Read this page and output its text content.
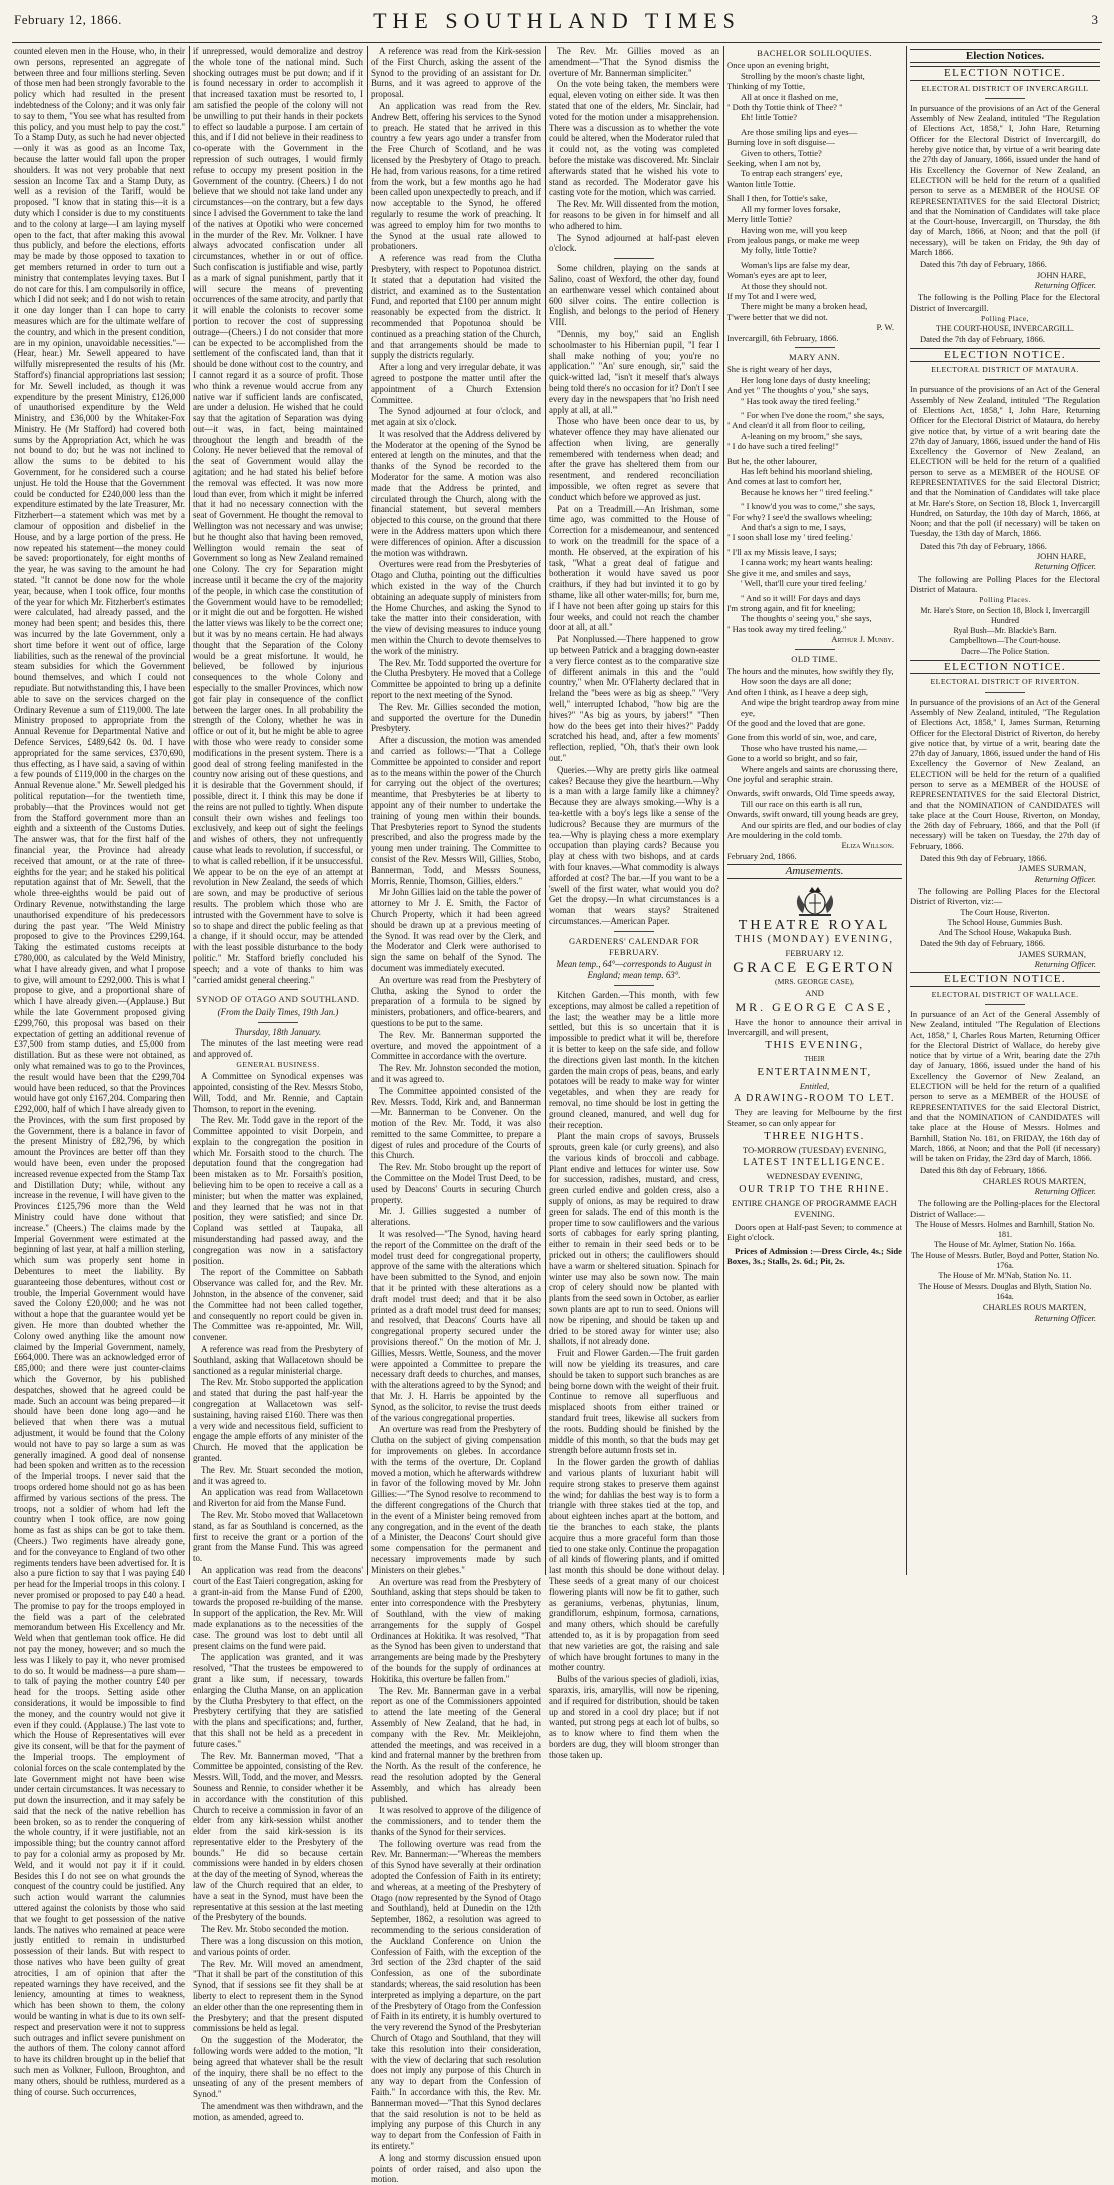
February 12, 1866.	THE SOUTHLAND TIMES	3

counted eleven men in the House, who, in their own persons, represented an aggregate of between three and four millions sterling. Seven of those men had been strongly favorable to the policy which had resulted in the present indebtedness of the Colony; and it was only fair to say to them, "You see what has resulted from this policy, and you must help to pay the cost." To a Stamp Duty, as such he had never objected—only it was as good as an Income Tax, because the latter would fall upon the proper shoulders. It was not very probable that next session an Income Tax and a Stamp Duty, as well as a revision of the Tariff, would be proposed. "I know that in stating this—it is a duty which I consider is due to my constituents and to the colony at large—I am laying myself open to the fact, that after making this avowal thus publicly, and before the elections, efforts may be made by those opposed to taxation to get members returned in order to turn out a ministry that contemplates levying taxes. But I do not care for this. I am compulsorily in office, which I did not seek; and I do not wish to retain it one day longer than I can hope to carry measures which are for the ultimate welfare of the country, and which in the present condition, are in my opinion, unavoidable necessities."—(Hear, hear.) Mr. Sewell appeared to have wilfully misrepresented the results of his (Mr. Stafford's) financial appropriations last session; for Mr. Sewell included, as though it was expenditure by the present Ministry, £126,000 of unauthorised expenditure by the Weld Ministry, and £36,000 by the Whitaker-Fox Ministry. He (Mr Stafford) had covered both sums by the Appropriation Act, which he was not bound to do; but he was not inclined to allow the sums to be debited to his Government, for he considered such a course unjust. He told the House that the Government could be conducted for £240,000 less than the expenditure estimated by the late Treasurer, Mr. Fitzherbert—a statement which was met by a clamour of opposition and disbelief in the House, and by a large portion of the press. He now repeated his statement—the money could be saved: proportionately, for eight months of the year, he was saving to the amount he had stated. "It cannot be done now for the whole year, because, when I took office, four months of the year for which Mr. Fitzherbert's estimates were calculated, had already passed, and the money had been spent; and besides this, there was incurred by the late Government, only a short time before it went out of office, large liabilities, such as the renewal of the provincial steam subsidies for which the Government bound themselves, and which I could not repudiate. But notwithstanding this, I have been able to save on the services charged on the Ordinary Revenue a sum of £119,000. The late Ministry proposed to appropriate from the Annual Revenue for Departmental Native and Defence Services, £489,642 0s. 0d. I have appropriated for the same services, £370,690, thus effecting, as I have said, a saving of within a few pounds of £119,000 in the charges on the Annual Revenue alone." Mr. Sewell pledged his political reputation—for the twentieth time, probably—that the Provinces would not get from the Stafford government more than an eighth and a sixteenth of the Customs Duties. The answer was, that for the first half of the financial year, the Province had already received that amount, or at the rate of three-eighths for the year; and he staked his political reputation against that of Mr. Sewell, that the whole three-eighths would be paid out of Ordinary Revenue, notwithstanding the large unauthorised expenditure of his predecessors during the past year. "The Weld Ministry proposed to give to the Provinces £299,164. Taking the estimated customs receipts at £780,000, as calculated by the Weld Ministry, what I have already given, and what I propose to give, will amount to £292,000. This is what I propose to give, and a proportional share of which I have already given.—(Applause.) But while the late Government proposed giving £299,760, this proposal was based on their expectation of getting an additional revenue of £37,500 from stamp duties, and £5,000 from distillation. But as these were not obtained, as only what remained was to go to the Provinces, the result would have been that the £299,704 would have been reduced, so that the Provinces would have got only £167,204. Comparing then £292,000, half of which I have already given to the Provinces, with the sum first proposed by the Government, there is a balance in favor of the present Ministry of £82,796, by which amount the Provinces are better off than they would have been, even under the proposed increased revenue expected from the Stamp Tax and Distillation Duty; while, without any increase in the revenue, I will have given to the Provinces £125,796 more than the Weld Ministry could have done without that increase." (Cheers.) The claims made by the Imperial Government were estimated at the beginning of last year, at half a million sterling, which sum was properly sent home in Debentures to meet the liability. By guaranteeing those debentures, without cost or trouble, the Imperial Government would have saved the Colony £20,000; and he was not without a hope that the guarantee would yet be given. He more than doubted whether the Colony owed anything like the amount now claimed by the Imperial Government, namely, £664,000. There was an acknowledged error of £85,000; and there were just counter-claims which the Governor, by his published despatches, showed that he agreed could be made. Such an account was being prepared—it should have been done long ago—and he believed that when there was a mutual adjustment, it would be found that the Colony would not have to pay so large a sum as was generally imagined. A good deal of nonsense had been spoken and written as to the recession of the Imperial troops. I never said that the troops ordered home should not go as has been affirmed by various sections of the press. The troops, not a soldier of whom had left the country when I took office, are now going home as fast as ships can be got to take them. (Cheers.) Two regiments have already gone, and for the conveyance to England of two other regiments tenders have been advertised for. It is also a pure fiction to say that I was paying £40 per head for the Imperial troops in this colony. I never promised or proposed to pay £40 a head. The promise to pay for the troops employed in the field was a part of the celebrated memorandum between His Excellency and Mr. Weld when that gentleman took office. He did not pay the money, however; and so much the less was I likely to pay it, who never promised to do so. It would be madness—a pure sham—to talk of paying the mother country £40 per head for the troops. Setting aside other considerations, it would be impossible to find the money, and the country would not give it even if they could. (Applause.) The last vote to which the House of Representatives will ever give its consent, will be that for the payment of the Imperial troops. The employment of colonial forces on the scale contemplated by the late Government might not have been wise under certain circumstances. It was necessary to put down the insurrection, and it may safely be said that the neck of the native rebellion has been broken, so as to render the conquering of the whole country, if it were justifiable, not an impossible thing; but the country cannot afford to pay for a colonial army as proposed by Mr. Weld, and it would not pay it if it could. Besides this I do not see on what grounds the conquest of the country could be justified. Any such action would warrant the calumnies uttered against the colonists by those who said that we fought to get possession of the native lands. The natives who remained at peace were justly entitled to remain in undisturbed possession of their lands. But with respect to those natives who have been guilty of great atrocities, I am of opinion that after the repeated warnings they have received, and the leniency, amounting at times to weakness, which has been shown to them, the colony would be wanting in what is due to its own self-respect and preservation were it not to suppress such outrages and inflict severe punishment on the authors of them. The colony cannot afford to have its children brought up in the belief that such men as Volkner, Fulloon, Broughton, and many others, should be ruthless, murdered as a thing of course. Such occurrences,

if unrepressed, would demoralize and destroy the whole tone of the national mind. Such shocking outrages must be put down; and if it is found necessary in order to accomplish it that increased taxation must be resorted to, I am satisfied the people of the colony will not be unwilling to put their hands in their pockets to effect so laudable a purpose. I am certain of this, and if I did not believe in their readiness to co-operate with the Government in the repression of such outrages, I would firmly refuse to occupy my present position in the Government of the country. (Cheers.) I do not believe that we should not take land under any circumstances—on the contrary, but a few days since I advised the Government to take the land of the natives at Opotiki who were concerned in the murder of the Rev. Mr. Volkner. I have always advocated confiscation under all circumstances, whether in or out of office. Such confiscation is justifiable and wise, partly as a mark of signal punishment, partly that it will secure the means of preventing occurrences of the same atrocity, and partly that it will enable the colonists to recover some portion to recover the cost of suppressing outrage—(Cheers.) I do not consider that more can be expected to be accomplished from the settlement of the confiscated land, than that it should be done without cost to the country, and I cannot regard it as a source of profit. Those who think a revenue would accrue from any native war if sufficient lands are confiscated, are under a delusion. He wished that he could say that the agitation of Separation was dying out—it was, in fact, being maintained throughout the length and breadth of the Colony. He never believed that the removal of the seat of Government would allay the agitation; and he had stated his belief before the removal was effected. It was now more loud than ever, from which it might be inferred that it had no necessary connection with the seat of Government. He thought the removal to Wellington was not necessary and was unwise; but he thought also that having been removed, Wellington would remain the seat of Government so long as New Zealand remained one Colony. The cry for Separation might increase until it became the cry of the majority of the people, in which case the constitution of the Government would have to be remodelled; or it might die out and be forgotten. He wished the latter views was likely to be the correct one; but it was by no means certain. He had always thought that the Separation of the Colony would be a great misfortune. It would, he believed, be followed by injurious consequences to the whole Colony and especially to the smaller Provinces, which now got fair play in consequence of the conflict between the larger ones. In all probability the strength of the Colony, whether he was in office or out of it, but he might be able to agree with those who were ready to consider some modifications in the present system. There is a good deal of strong feeling manifested in the country now arising out of these questions, and it is desirable that the Government should, if possible, direct it. I think this may be done if the reins are not pulled to tightly. When dispute consult their own wishes and feelings too exclusively, and keep out of sight the feelings and wishes of others, they not unfrequently cause what leads to revolution, if successful, or to what is called rebellion, if it be unsuccessful. We appear to be on the eye of an attempt at revolution in New Zealand, the seeds of which are sown, and may be productive of serious results. The problem which those who are intrusted with the Government have to solve is so to shape and direct the public feeling as that a change, if it should occur, may be attended with the least possible disturbance to the body politic." Mr. Stafford briefly concluded his speech; and a vote of thanks to him was "carried amidst general cheering."

SYNOD OF OTAGO AND SOUTHLAND.
(From the Daily Times, 19th Jan.)
Thursday, 18th January.

The minutes of the last meeting were read and approved of.

GENERAL BUSINESS.

A Committee on Synodical expenses was appointed, consisting of the Rev. Messrs Stobo, Will, Todd, and Mr. Rennie, and Captain Thomson, to report in the evening.

The Rev. Mr. Todd gave in the report of the Committee appointed to visit Dorpein, and explain to the congregation the position in which Mr. Forsaith stood to the church. The deputation found that the congregation had been mistaken as to Mr. Forsaith's position, believing him to be open to receive a call as a minister; but when the matter was explained, and they learned that he was not in that position, they were satisfied; and since Dr. Copland was settled at Taupaka, all misunderstanding had passed away, and the congregation was now in a satisfactory position.

The report of the Committee on Sabbath Observance was called for, and the Rev. Mr. Johnston, in the absence of the convener, said the Committee had not been called together, and consequently no report could be given in. The Committee was re-appointed, Mr. Will, convener.

A reference was read from the Presbytery of Southland, asking that Wallacetown should be sanctioned as a regular ministerial charge.

The Rev. Mr. Stobo supported the application and stated that during the past half-year the congregation at Wallacetown was self-sustaining, having raised £160. There was then a very wide and necessitous field, sufficient to engage the ample efforts of any minister of the Church. He moved that the application be granted.

The Rev. Mr. Stuart seconded the motion, and it was agreed to.

An application was read from Wallacetown and Riverton for aid from the Manse Fund.

The Rev. Mr. Stobo moved that Wallacetown stand, as far as Southland is concerned, as the first to receive the grant or a portion of the grant from the Manse Fund. This was agreed to.

An application was read from the deacons' court of the East Taieri congregation, asking for a grant-in-aid from the Manse Fund of £200, towards the proposed re-building of the manse. In support of the application, the Rev. Mr. Will made explanations as to the necessities of the case. The ground was lost to debt until all present claims on the fund were paid.

The application was granted, and it was resolved, "That the trustees be empowered to grant a like sum, if necessary, towards enlarging the Clutha Manse, on an application by the Clutha Presbytery to that effect, on the Presbytery certifying that they are satisfied with the plans and specifications; and, further, that this shall not be held as a precedent in future cases."

The Rev. Mr. Bannerman moved, "That a Committee be appointed, consisting of the Rev. Messrs. Will, Todd, and the mover, and Messrs. Souness and Rennie, to consider whether it be in accordance with the constitution of this Church to receive a commission in favor of an elder from any kirk-session whilst another elder from the said kirk-session is its representative elder to the Presbytery of the bounds." He did so because certain commissions were handed in by elders chosen at the day of the meeting of Synod, whereas the law of the Church required that an elder, to have a seat in the Synod, must have been the representative at this session at the last meeting of the Presbytery of the bounds.

The Rev. Mr. Stobo seconded the motion.

There was a long discussion on this motion, and various points of order.

The Rev. Mr. Will moved an amendment, "That it shall be part of the constitution of this Synod, that if sessions see fit they shall be at liberty to elect to represent them in the Synod an elder other than the one representing them in the Presbytery; and that the present disputed commissions be held as legal.

On the suggestion of the Moderator, the following words were added to the motion, "It being agreed that whatever shall be the result of the inquiry, there shall be no effect to the unseating of any of the present members of Synod."

The amendment was then withdrawn, and the motion, as amended, agreed to.

A reference was read from the Kirk-session of the First Church, asking the assent of the Synod to the providing of an assistant for Dr. Burns, and it was agreed to approve of the proposal.

An application was read from the Rev. Andrew Bett, offering his services to the Synod to preach. He stated that he arrived in this country a few years ago under a transfer from the Free Church of Scotland, and he was licensed by the Presbytery of Otago to preach. He had, from various reasons, for a time retired from the work, but a few months ago he had been called upon unexpectedly to preach, and if now acceptable to the Synod, he offered regularly to resume the work of preaching. It was agreed to employ him for two months to the Synod at the usual rate allowed to probationers.

A reference was read from the Clutha Presbytery, with respect to Popotunoa district. It stated that a deputation had visited the district, and examined as to the Sustentation Fund, and reported that £100 per annum might reasonably be expected from the district. It recommended that Popotunoa should be continued as a preaching station of the Church, and that arrangements should be made to supply the districts regularly.

After a long and very irregular debate, it was agreed to postpone the matter until after the appointment of a Church Extension Committee.

The Synod adjourned at four o'clock, and met again at six o'clock.

It was resolved that the Address delivered by the Moderator at the opening of the Synod be entered at length on the minutes, and that the thanks of the Synod be recorded to the Moderator for the same. A motion was also made that the Address be printed, and circulated through the Church, along with the financial statement, but several members objected to this course, on the ground that there were in the Address matters upon which there were differences of opinion. After a discussion the motion was withdrawn.

Overtures were read from the Presbyteries of Otago and Clutha, pointing out the difficulties which existed in the way of the Church obtaining an adequate supply of ministers from the Home Churches, and asking the Synod to take the matter into their consideration, with the view of devising measures to induce young men within the Church to devote themselves to the work of the ministry.

The Rev. Mr. Todd supported the overture for the Clutha Presbytery. He moved that a College Committee be appointed to bring up a definite report to the next meeting of the Synod.

The Rev. Mr. Gillies seconded the motion, and supported the overture for the Dunedin Presbytery.

After a discussion, the motion was amended and carried as follows:—"That a College Committee be appointed to consider and report as to the means within the power of the Church for carrying out the object of the overtures; meantime, that Presbyteries be at liberty to appoint any of their number to undertake the training of young men within their bounds. That Presbyteries report to Synod the students prescribed, and also the progress made by the young men under training. The Committee to consist of the Rev. Messrs Will, Gillies, Stobo, Bannerman, Todd, and Messrs Souness, Morris, Rennie, Thomson, Gillies, elders."

Mr John Gillies laid on the table the power of attorney to Mr J. E. Smith, the Factor of Church Property, which it had been agreed should be drawn up at a previous meeting of the Synod. It was read over by the Clerk, and the Moderator and Clerk were authorised to sign the same on behalf of the Synod. The document was immediately executed.

An overture was read from the Presbytery of Clutha, asking the Synod to order the preparation of a formula to be signed by ministers, probationers, and office-bearers, and questions to be put to the same.

The Rev. Mr. Bannerman supported the overture, and moved the appointment of a Committee in accordance with the overture.

The Rev. Mr. Johnston seconded the motion, and it was agreed to.

The Committee appointed consisted of the Rev. Messrs. Todd, Kirk and, and Bannerman—Mr. Bannerman to be Convener. On the motion of the Rev. Mr. Todd, it was also remitted to the same Committee, to prepare a digest of rules and procedure of the Courts of this Church.

The Rev. Mr. Stobo brought up the report of the Committee on the Model Trust Deed, to be used by Deacons' Courts in securing Church property.

Mr. J. Gillies suggested a number of alterations.

It was resolved—"The Synod, having heard the report of the Committee on the draft of the model trust deed for congregational property, approve of the same with the alterations which have been submitted to the Synod, and enjoin that it be printed with these alterations as a draft model trust deed; and that it be also printed as a draft model trust deed for manses; and resolved, that Deacons' Courts have all congregational property secured under the provisions thereof." On the motion of Mr. J. Gillies, Messrs. Wettle, Souness, and the mover were appointed a Committee to prepare the necessary draft deeds to churches, and manses, with the alterations agreed to by the Synod; and that Mr. J. H. Harris be appointed by the Synod, as the solicitor, to revise the trust deeds of the various congregational properties.

An overture was read from the Presbytery of Clutha on the subject of giving compensation for improvements on glebes. In accordance with the terms of the overture, Dr. Copland moved a motion, which he afterwards withdrew in favor of the following moved by Mr. John Gillies:—"The Synod resolve to recommend to the different congregations of the Church that in the event of a Minister being removed from any congregation, and in the event of the death of a Minister, the Deacons' Court should give some compensation for the permanent and necessary improvements made by such Ministers on their glebes."

An overture was read from the Presbytery of Southland, asking that steps should be taken to enter into correspondence with the Presbytery of Southland, with the view of making arrangements for the supply of Gospel Ordinances at Hokitika. It was resolved, "That as the Synod has been given to understand that arrangements are being made by the Presbytery of the bounds for the supply of ordinances at Hokitika, this overture be fallen from."

The Rev. Mr. Bannerman gave in a verbal report as one of the Commissioners appointed to attend the late meeting of the General Assembly of New Zealand, that he had, in company with the Rev. Mr. Meiklejohn, attended the meetings, and was received in a kind and fraternal manner by the brethren from the North. As the result of the conference, he read the resolution adopted by the General Assembly, and which has already been published.

It was resolved to approve of the diligence of the commissioners, and to tender them the thanks of the Synod for their services.

The following overture was read from the Rev. Mr. Bannerman:—"Whereas the members of this Synod have severally at their ordination adopted the Confession of Faith in its entirety; and whereas, at a meeting of the Presbytery of Otago (now represented by the Synod of Otago and Southland), held at Dunedin on the 12th September, 1862, a resolution was agreed to recommending to the serious consideration of the Auckland Conference on Union the Confession of Faith, with the exception of the 3rd section of the 23rd chapter of the said Confession, as one of the subordinate standards; whereas, the said resolution has been interpreted as implying a departure, on the part of the Presbytery of Otago from the Confession of Faith in its entirety, it is humbly overtured to the very reverend the Synod of the Presbyterian Church of Otago and Southland, that they will take this resolution into their consideration, with the view of declaring that such resolution does not imply any purpose of this Church in any way to depart from the Confession of Faith." In accordance with this, the Rev. Mr. Bannerman moved—"That this Synod declares that the said resolution is not to be held as implying any purpose of this Church in any way to depart from the Confession of Faith in its entirety."

A long and stormy discussion ensued upon points of order raised, and also upon the motion.

The Rev. Mr. Gillies moved as an amendment—"That the Synod dismiss the overture of Mr. Bannerman simpliciter."

On the vote being taken, the members were equal, eleven voting on either side. It was then stated that one of the elders, Mr. Sinclair, had voted for the motion under a misapprehension. There was a discussion as to whether the vote could be altered, when the Moderator ruled that it could not, as the voting was completed before the mistake was discovered. Mr. Sinclair afterwards stated that he wished his vote to stand as recorded. The Moderator gave his casting vote for the motion, which was carried.

The Rev. Mr. Will dissented from the motion, for reasons to be given in for himself and all who adhered to him.

The Synod adjourned at half-past eleven o'clock.

Some children, playing on the sands at Salino, coast of Wexford, the other day, found an earthenware vessel which contained about 600 silver coins. The entire collection is English, and belongs to the period of Henery VIII.

"Dennis, my boy," said an English schoolmaster to his Hibernian pupil, "I fear I shall make nothing of you; you're no application." "An' sure enough, sir," said the quick-witted lad, "isn't it meself that's always being told there's no occasion for it? Don't I see every day in the newspapers that 'no Irish need apply at all, at all.'"

Those who have been once dear to us, by whatever offence they may have alienated our affection when living, are generally remembered with tenderness when dead; and after the grave has sheltered them from our resentment, and rendered reconciliation impossible, we often regret as severe that conduct which before we approved as just.

Pat on a Treadmill.—An Irishman, some time ago, was committed to the House of Correction for a misdemeanour, and sentenced to work on the treadmill for the space of a month. He observed, at the expiration of his task, "What a great deal of fatigue and botheration it would have saved us poor craithurs, if they had but invinted it to go by sthame, like all other water-mills; for, burn me, if I have not been after going up stairs for this four weeks, and could not reach the chamber door at all, at all."

Pat Nonplussed.—There happened to grow up between Patrick and a bragging down-easter a very fierce contest as to the comparative size of different animals in this and the "ould country," when Mr. O'Flaherty declared that in Ireland the "bees were as big as sheep." "Very well," interrupted Ichabod, "how big are the hives?" "As big as yours, by jabers!" "Then how do the bees get into their hives?" Paddy scratched his head, and, after a few moments' reflection, replied, "Oh, that's their own look out."

Queries.—Why are pretty girls like oatmeal cakes? Because they give the heartburn.—Why is a man with a large family like a chimney? Because they are always smoking.—Why is a tea-kettle with a boy's legs like a sense of the ludicrous? Because they are murmurs of the tea.—Why is playing chess a more exemplary occupation than playing cards? Because you play at chess with two bishops, and at cards with four knaves.—What commodity is always afforded at cost? The bar.—If you want to be a 'swell of the first water, what would you do? Get the dropsy.—In what circumstances is a woman that wears stays? Straitened circumstances.—American Paper.

GARDENERS' CALENDAR FOR FEBRUARY.
Mean temp., 64°—corresponds to August in England; mean temp. 63°.

Kitchen Garden.—This month, with few exceptions, may almost be called a repetition of the last; the weather may be a little more settled, but this is so uncertain that it is impossible to predict what it will be, therefore it is better to keep on the safe side, and follow the directions given last month. In the kitchen garden the main crops of peas, beans, and early potatoes will be ready to make way for winter vegetables, and when they are ready for removal, no time should be lost in getting the ground cleaned, manured, and well dug for their reception.

Plant the main crops of savoys, Brussels sprouts, green kale (or curly greens), and also the various kinds of broccoli and cabbage. Plant endive and lettuces for winter use. Sow for succession, radishes, mustard, and cress, green curled endive and golden cress, also a supply of onions, as may be required to draw green for salads. The end of this month is the proper time to sow cauliflowers and the various sorts of cabbages for early spring planting, either to remain in their seed beds or to be pricked out in others; the cauliflowers should have a warm or sheltered situation. Spinach for winter use may also be sown now. The main crop of celery should now be planted with plants from the seed sown in October, as earlier sown plants are apt to run to seed. Onions will now be ripening, and should be taken up and dried to be stored away for winter use; also shallots, if not already done.

Fruit and Flower Garden.—The fruit garden will now be yielding its treasures, and care should be taken to support such branches as are being borne down with the weight of their fruit. Continue to remove all superfluous and misplaced shoots from either trained or standard fruit trees, likewise all suckers from the roots. Budding should be finished by the middle of this month, so that the buds may get strength before autumn frosts set in.

In the flower garden the growth of dahlias and various plants of luxuriant habit will require strong stakes to preserve them against the wind; for dahlias the best way is to form a triangle with three stakes tied at the top, and about eighteen inches apart at the bottom, and tie the branches to each stake, the plants acquire thus a more graceful form than those tied to one stake only. Continue the propagation of all kinds of flowering plants, and if omitted last month this should be done without delay. These seeds of a great many of our choicest flowering plants will now be fit to gather, such as geraniums, verbenas, phytunias, linum, grandiflorum, eshpinum, formosa, carnations, and many others, which should be carefully attended to, as it is by propagation from seed that new varieties are got, the raising and sale of which have brought fortunes to many in the mother country.

Bulbs of the various species of gladioli, ixias, sparaxis, iris, amaryllis, will now be ripening, and if required for distribution, should be taken up and stored in a cool dry place; but if not wanted, put strong pegs at each lot of bulbs, so as to know where to find them when the borders are dug, they will bloom stronger than those taken up.

BACHELOR SOLILOQUIES.

Once upon an evening bright,

Strolling by the moon's chaste light,

Thinking of my Tottie,

All at once it flashed on me,

" Doth thy Tottie think of Thee? "

Eh! little Tottie?

Are those smiling lips and eyes—

Burning love in soft disguise—

Given to others, Tottie?

Seeking, when I am not by,

To entrap each strangers' eye,

Wanton little Tottie.

Shall I then, for Tottie's sake,

All my former loves forsake,

Merry little Tottie?

Having won me, will you keep

From jealous pangs, or make me weep

My folly, little Tottie?

Woman's lips are false my dear,

Woman's eyes are apt to leer,

At those they should not.

If my Tot and I were wed,

There might be many a broken head,

T'were better that we did not.

P. W.
Invercargill, 6th February, 1866.
MARY ANN.

She is right weary of her days,

Her long lone days of dusty kneeling;

And yet " The thoughts o' you," she says,

" Has took away the tired feeling."

" For when I've done the room," she says,

" And clean'd it all from floor to ceiling,

A-leaning on my broom," she says,

" I do have such a tired feeling!"

But he, the other labourer,

Has left behind his moorland shieling,

And comes at last to comfort her,

Because he knows her " tired feeling."

" I know'd you was to come," she says,

" For why? I see'd the swallows wheeling;

And that's a sign to me, I says,

" I soon shall lose my ' tired feeling.'

" I'll ax my Missis leave, I says;

I canna work; my heart wants healing:

She give it me, and smiles and says,

' Well, that'll cure your tired feeling.'

" And so it will! For days and days

I'm strong again, and fit for kneeling;

The thoughts o' seeing you," she says,

" Has took away my tired feeling."

Arthur J. Munby.
OLD TIME.

The hours and the minutes, how swiftly they fly,

How soon the days are all done;

And often I think, as I heave a deep sigh,

And wipe the bright teardrop away from mine eye,

Of the good and the loved that are gone.

Gone from this world of sin, woe, and care,

Those who have trusted his name,—

Gone to a world so bright, and so fair,

Where angels and saints are chorussing there,

One joyful and seraphic strain.

Onwards, swift onwards, Old Time speeds away,

Till our race on this earth is all run,

Onwards, swift onward, till young heads are grey,

And our spirits are fled, and our bodies of clay

Are mouldering in the cold tomb.

Eliza Willson.
February 2nd, 1866.
Amusements.
THEATRE ROYAL
THIS (MONDAY) EVENING,
FEBRUARY 12.
GRACE EGERTON
(MRS. GEORGE CASE),
AND
MR. GEORGE CASE,

Have the honor to announce their arrival in Invercargill, and will present,

THIS EVENING,
THEIR
ENTERTAINMENT,
Entitled,
A DRAWING-ROOM TO LET.

They are leaving for Melbourne by the first Steamer, so can only appear for

THREE NIGHTS.
TO-MORROW (TUESDAY) EVENING,
LATEST INTELLIGENCE.
WEDNESDAY EVENING,
OUR TRIP TO THE RHINE.
ENTIRE CHANGE OF PROGRAMME EACH EVENING.

Doors open at Half-past Seven; to commence at Eight o'clock.

Prices of Admission :—Dress Circle, 4s.; Side Boxes, 3s.; Stalls, 2s. 6d.; Pit, 2s.

Election Notices.
ELECTION NOTICE.
ELECTORAL DISTRICT OF INVERCARGILL

In pursuance of the provisions of an Act of the General Assembly of New Zealand, intituled "The Regulation of Elections Act, 1858," I, John Hare, Returning Officer for the Electoral District of Invercargill, do hereby give notice that, by virtue of a writ bearing date the 27th day of January, 1866, issued under the hand of His Excellency the Governor of New Zealand, an ELECTION will be held for the return of a qualified person to serve as a MEMBER of the HOUSE OF REPRESENTATIVES for the said Electoral District; and that the Nomination of Candidates will take place at the Court-house, Invercargill, on Thursday, the 8th day of March, 1866, at Noon; and that the poll (if necessary), will be taken on Friday, the 9th day of March 1866.

Dated this 7th day of February, 1866.
JOHN HARE,
Returning Officer.

The following is the Polling Place for the Electoral District of Invercargill.

Polling Place,
THE COURT-HOUSE, INVERCARGILL.
Dated the 7th day of February, 1866.
ELECTION NOTICE.
ELECTORAL DISTRICT OF MATAURA.

In pursuance of the provisions of an Act of the General Assembly of New Zealand, intituled "The Regulation of Elections Act, 1858," I, John Hare, Returning Officer for the Electoral District of Mataura, do hereby give notice that, by virtue of a writ bearing date the 27th day of January, 1866, issued under the hand of His Excellency the Governor of New Zealand, an ELECTION will be held for the return of a qualified person to serve as a MEMBER of the HOUSE OF REPRESENTATIVES for the said Electoral District; and that the Nomination of Candidates will take place at Mr. Hare's Store, on Section 18, Block 1, Invercargill Hundred, on Saturday, the 10th day of March, 1866, at Noon; and that the poll (if necessary) will be taken on Tuesday, the 13th day of March, 1866.

Dated this 7th day of February, 1866.
JOHN HARE,
Returning Officer.

The following are Polling Places for the Electoral District of Mataura.

Polling Places.
Mr. Hare's Store, on Section 18, Block I, Invercargill Hundred
Ryal Bush—Mr. Blackie's Barn.
Campbelltown—The Court-house.
Dacre—The Police Station.
ELECTION NOTICE.
ELECTORAL DISTRICT OF RIVERTON.

In pursuance of the provisions of an Act of the General Assembly of New Zealand, intituled, "The Regulation of Elections Act, 1858," I, James Surman, Returning Officer for the Electoral District of Riverton, do hereby give notice that, by virtue of a writ, bearing date the 27th day of January, 1866, issued under the hand of His Excellency the Governor of New Zealand, an ELECTION will be held for the return of a qualified person to serve as a MEMBER of the HOUSE of REPRESENTATIVES for the said Electoral District, and that the NOMINATION of CANDIDATES will take place at the Court House, Riverton, on Monday, the 26th day of February, 1866, and that the Poll (if necessary) will be taken on Tuesday, the 27th day of February, 1866.

Dated this 9th day of February, 1866.
JAMES SURMAN,
Returning Officer.

The following are Polling Places for the Electoral District of Riverton, viz:—

The Court House, Riverton.
The School House, Gummies Bush.
And The School House, Wakapuka Bush.
Dated the 9th day of February, 1866.
JAMES SURMAN,
Returning Officer.
ELECTION NOTICE.
ELECTORAL DISTRICT OF WALLACE.

In pursuance of an Act of the General Assembly of New Zealand, intituled "The Regulation of Elections Act, 1858," I, Charles Rous Marten, Returning Officer for the Electoral District of Wallace, do hereby give notice that by virtue of a Writ, bearing date the 27th day of January, 1866, issued under the hand of his Excellency the Governor of New Zealand, an ELECTION will be held for the return of a qualified person to serve as a MEMBER of the HOUSE of REPRESENTATIVES for the said Electoral District, and that the NOMINATION of CANDIDATES will take place at the House of Messrs. Holmes and Barnhill, Station No. 181, on FRIDAY, the 16th day of March, 1866, at Noon; and that the Poll (if necessary) will be taken on Friday, the 23rd day of March, 1866.

Dated this 8th day of February, 1866.
CHARLES ROUS MARTEN,
Returning Officer.

The following are the Polling-places for the Electoral District of Wallace:—

The House of Messrs. Holmes and Barnhill, Station No. 181.
The House of Mr. Aylmer, Station No. 166a.
The House of Messrs. Butler, Boyd and Potter, Station No. 176a.
The House of Mr. M'Nab, Station No. 11.
The House of Messrs. Douglas and Blyth, Station No. 164a.
CHARLES ROUS MARTEN,
Returning Officer.
